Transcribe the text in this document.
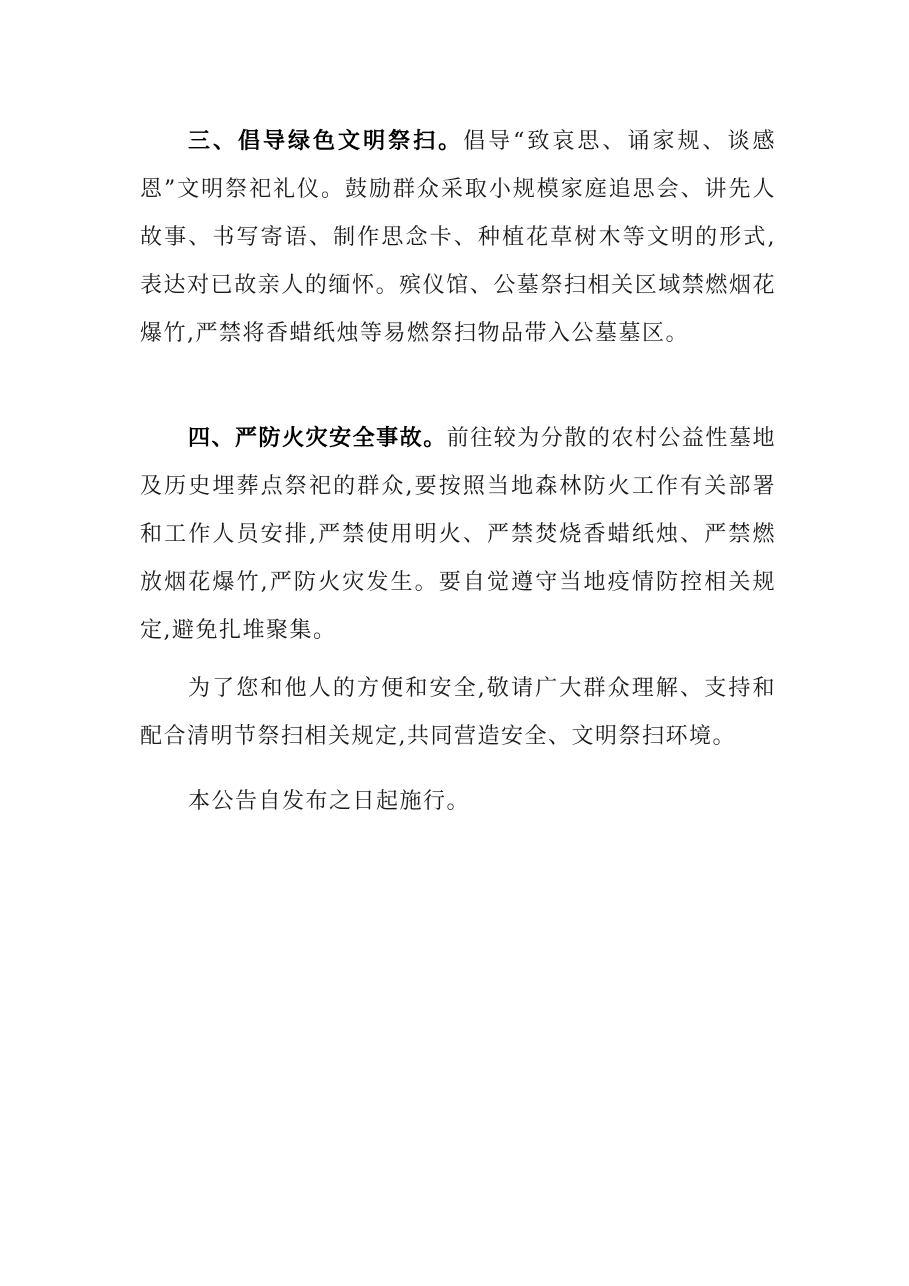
三、倡导绿色文明祭扫。倡导“致哀思、诵家规、谈感恩”文明祭祀礼仪。鼓励群众采取小规模家庭追思会、讲先人故事、书写寄语、制作思念卡、种植花草树木等文明的形式,表达对已故亲人的缅怀。殡仪馆、公墓祭扫相关区域禁燃烟花爆竹,严禁将香蜡纸烛等易燃祭扫物品带入公墓墓区。

四、严防火灾安全事故。前往较为分散的农村公益性墓地及历史埋葬点祭祀的群众,要按照当地森林防火工作有关部署和工作人员安排,严禁使用明火、严禁焚烧香蜡纸烛、严禁燃放烟花爆竹,严防火灾发生。要自觉遵守当地疫情防控相关规定,避免扎堆聚集。

为了您和他人的方便和安全,敬请广大群众理解、支持和配合清明节祭扫相关规定,共同营造安全、文明祭扫环境。

本公告自发布之日起施行。
